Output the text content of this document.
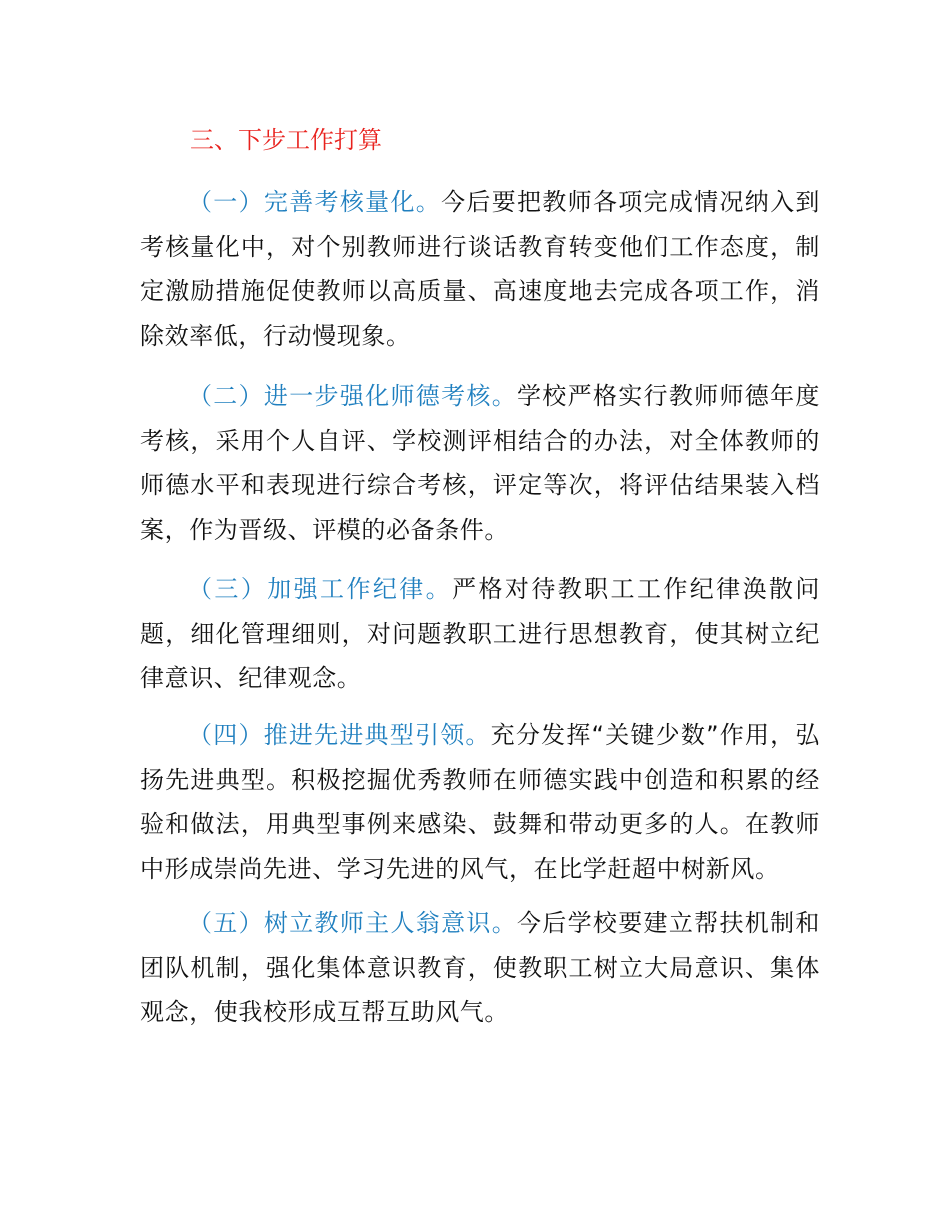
三、下步工作打算

（一）完善考核量化。今后要把教师各项完成情况纳入到考核量化中，对个别教师进行谈话教育转变他们工作态度，制定激励措施促使教师以高质量、高速度地去完成各项工作，消除效率低，行动慢现象。

（二）进一步强化师德考核。学校严格实行教师师德年度考核，采用个人自评、学校测评相结合的办法，对全体教师的师德水平和表现进行综合考核，评定等次，将评估结果装入档案，作为晋级、评模的必备条件。

（三）加强工作纪律。严格对待教职工工作纪律涣散问题，细化管理细则，对问题教职工进行思想教育，使其树立纪律意识、纪律观念。

（四）推进先进典型引领。充分发挥“关键少数”作用，弘扬先进典型。积极挖掘优秀教师在师德实践中创造和积累的经验和做法，用典型事例来感染、鼓舞和带动更多的人。在教师中形成崇尚先进、学习先进的风气，在比学赶超中树新风。

（五）树立教师主人翁意识。今后学校要建立帮扶机制和团队机制，强化集体意识教育，使教职工树立大局意识、集体观念，使我校形成互帮互助风气。
